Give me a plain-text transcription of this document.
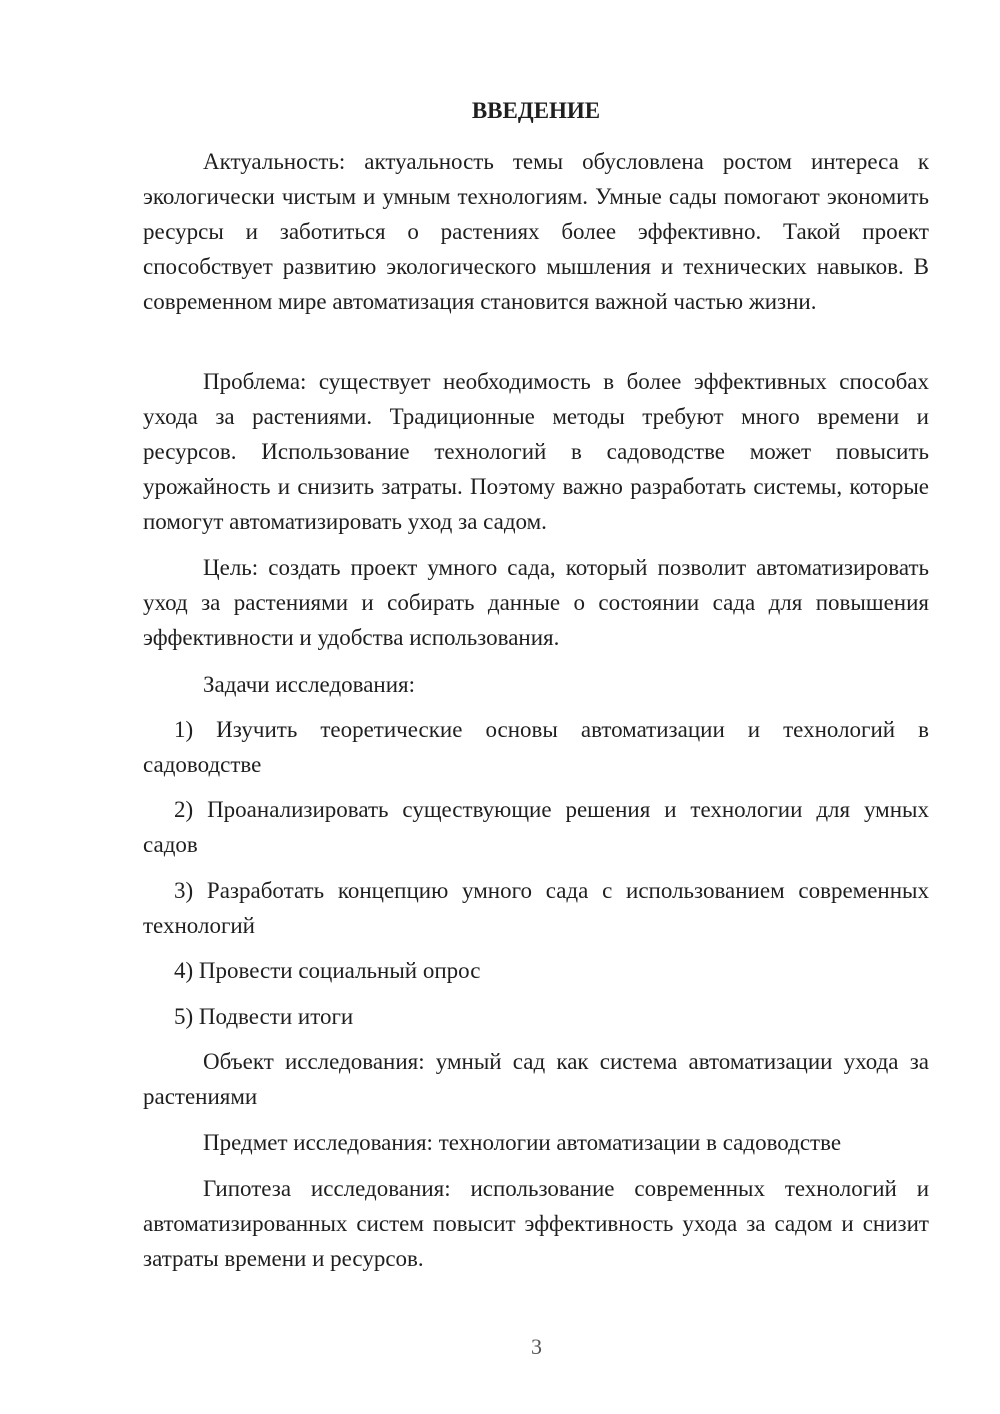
ВВЕДЕНИЕ

Актуальность: актуальность темы обусловлена ростом интереса к экологически чистым и умным технологиям. Умные сады помогают экономить ресурсы и заботиться о растениях более эффективно. Такой проект способствует развитию экологического мышления и технических навыков. В современном мире автоматизация становится важной частью жизни.

Проблема: существует необходимость в более эффективных способах ухода за растениями. Традиционные методы требуют много времени и ресурсов. Использование технологий в садоводстве может повысить урожайность и снизить затраты. Поэтому важно разработать системы, которые помогут автоматизировать уход за садом.

Цель: создать проект умного сада, который позволит автоматизировать уход за растениями и собирать данные о состоянии сада для повышения эффективности и удобства использования.

Задачи исследования:

1) Изучить теоретические основы автоматизации и технологий в садоводстве

2) Проанализировать существующие решения и технологии для умных садов

3) Разработать концепцию умного сада с использованием современных технологий

4) Провести социальный опрос

5) Подвести итоги

Объект исследования: умный сад как система автоматизации ухода за растениями

Предмет исследования: технологии автоматизации в садоводстве

Гипотеза исследования: использование современных технологий и автоматизированных систем повысит эффективность ухода за садом и снизит затраты времени и ресурсов.

3
